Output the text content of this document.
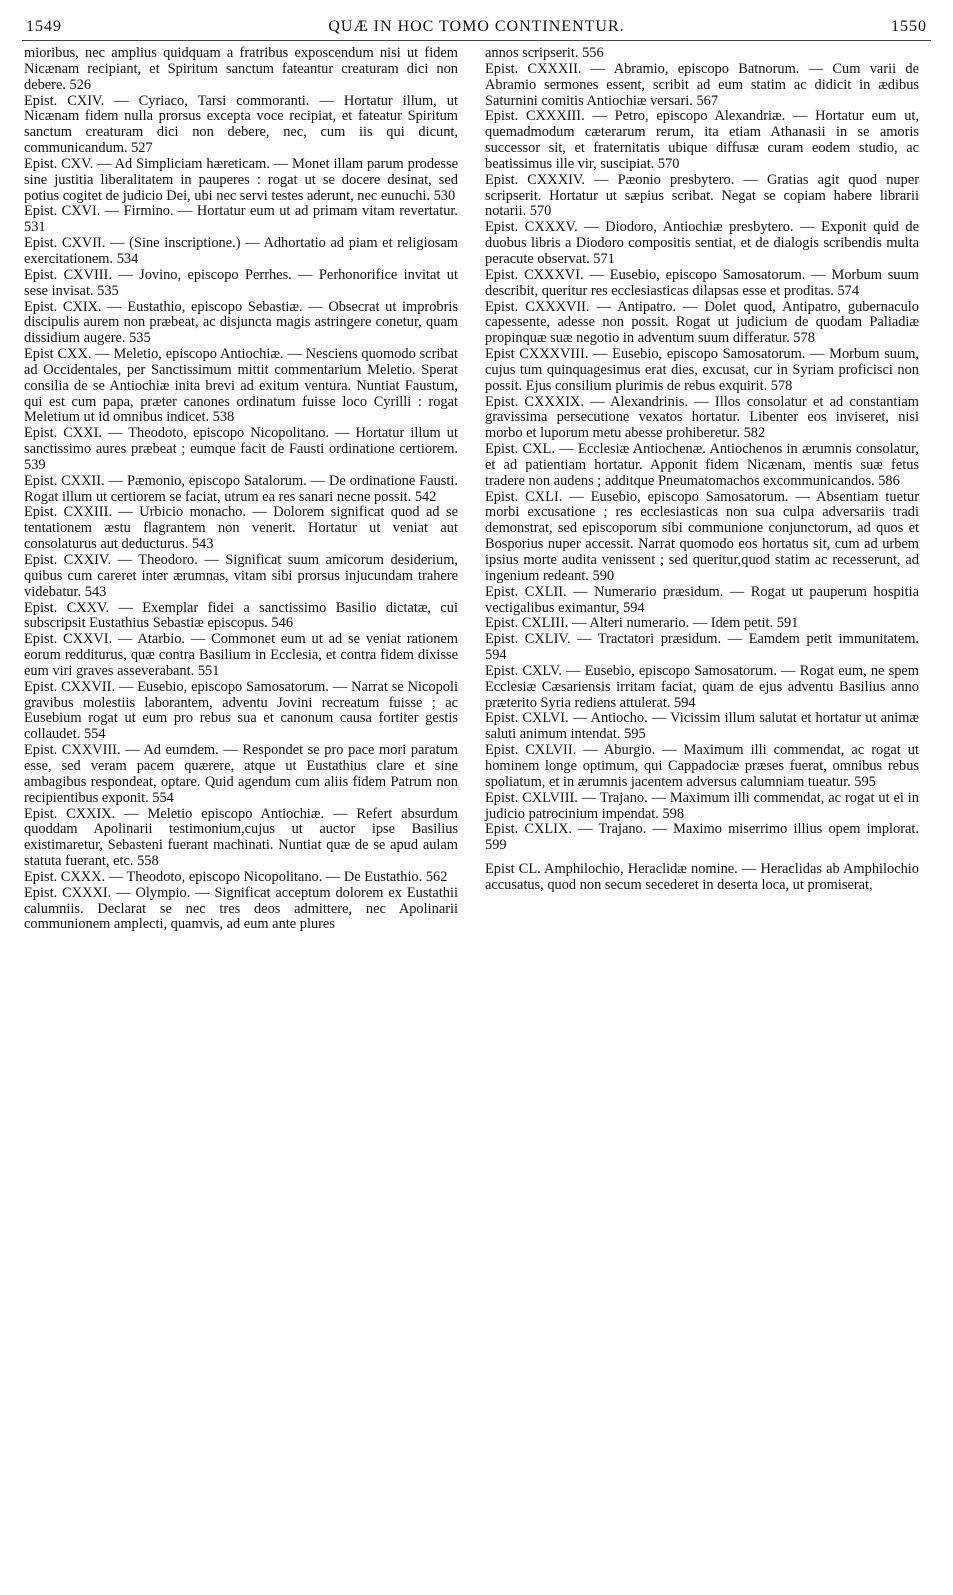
1549	QUÆ IN HOC TOMO CONTINENTUR.	1550

mioribus, nec amplius quidquam a fratribus exposcendum nisi ut fidem Nicænam recipiant, et Spiritum sanctum fateantur creaturam dici non debere. 526

Epist. CXIV. — Cyriaco, Tarsi commoranti. — Hortatur illum, ut Nicænam fidem nulla prorsus excepta voce recipiat, et fateatur Spiritum sanctum creaturam dici non debere, nec, cum iis qui dicunt, communicandum. 527

Epist. CXV. — Ad Simpliciam hæreticam. — Monet illam parum prodesse sine justitia liberalitatem in pauperes : rogat ut se docere desinat, sed potius cogitet de judicio Dei, ubi nec servi testes aderunt, nec eunuchi. 530

Epist. CXVI. — Firmino. — Hortatur eum ut ad primam vitam revertatur. 531

Epist. CXVII. — (Sine inscriptione.) — Adhortatio ad piam et religiosam exercitationem. 534

Epist. CXVIII. — Jovino, episcopo Perrhes. — Perhonorifice invitat ut sese invisat. 535

Epist. CXIX. — Eustathio, episcopo Sebastiæ. — Obsecrat ut improbris discipulis aurem non præbeat, ac disjuncta magis astringere conetur, quam dissidium augere. 535

Epist CXX. — Meletio, episcopo Antiochiæ. — Nesciens quomodo scribat ad Occidentales, per Sanctissimum mittit commentarium Meletio. Sperat consilia de se Antiochiæ inita brevi ad exitum ventura. Nuntiat Faustum, qui est cum papa, præter canones ordinatum fuisse loco Cyrilli : rogat Meletium ut id omnibus indicet. 538

Epist. CXXI. — Theodoto, episcopo Nicopolitano. — Hortatur illum ut sanctissimo aures præbeat ; eumque facit de Fausti ordinatione certiorem. 539

Epist. CXXII. — Pæmonio, episcopo Satalorum. — De ordinatione Fausti. Rogat illum ut certiorem se faciat, utrum ea res sanari necne possit. 542

Epist. CXXIII. — Urbicio monacho. — Dolorem significat quod ad se tentationem æstu flagrantem non venerit. Hortatur ut veniat aut consolaturus aut deducturus. 543

Epist. CXXIV. — Theodoro. — Significat suum amicorum desiderium, quibus cum careret inter ærumnas, vitam sibi prorsus injucundam trahere videbatur. 543

Epist. CXXV. — Exemplar fidei a sanctissimo Basilio dictatæ, cui subscripsit Eustathius Sebastiæ episcopus. 546

Epist. CXXVI. — Atarbio. — Commonet eum ut ad se veniat rationem eorum redditurus, quæ contra Basilium in Ecclesia, et contra fidem dixisse eum viri graves asseverabant. 551

Epist. CXXVII. — Eusebio, episcopo Samosatorum. — Narrat se Nicopoli gravibus molestiis laborantem, adventu Jovini recreatum fuisse ; ac Eusebium rogat ut eum pro rebus sua et canonum causa fortiter gestis collaudet. 554

Epist. CXXVIII. — Ad eumdem. — Respondet se pro pace mori paratum esse, sed veram pacem quærere, atque ut Eustathius clare et sine ambagibus respondeat, optare. Quid agendum cum aliis fidem Patrum non recipientibus exponit. 554

Epist. CXXIX. — Meletio episcopo Antiochiæ. — Refert absurdum quoddam Apolinarii testimonium,cujus ut auctor ipse Basilius existimaretur, Sebasteni fuerant machinati. Nuntiat quæ de se apud aulam statuta fuerant, etc. 558

Epist. CXXX. — Theodoto, episcopo Nicopolitano. — De Eustathio. 562

Epist. CXXXI. — Olympio. — Significat acceptum dolorem ex Eustathii calumniis. Declarat se nec tres deos admittere, nec Apolinarii communionem amplecti, quamvis, ad eum ante plures

annos scripserit. 556

Epist. CXXXII. — Abramio, episcopo Batnorum. — Cum varii de Abramio sermones essent, scribit ad eum statim ac didicit in ædibus Saturnini comitis Antiochiæ versari. 567

Epist. CXXXIII. — Petro, episcopo Alexandriæ. — Hortatur eum ut, quemadmodum cæterarum rerum, ita etiam Athanasii in se amoris successor sit, et fraternitatis ubique diffusæ curam eodem studio, ac beatissimus ille vir, suscipiat. 570

Epist. CXXXIV. — Pæonio presbytero. — Gratias agit quod nuper scripserit. Hortatur ut sæpius scribat. Negat se copiam habere librarii notarii. 570

Epist. CXXXV. — Diodoro, Antiochiæ presbytero. — Exponit quid de duobus libris a Diodoro compositis sentiat, et de dialogis scribendis multa peracute observat. 571

Epist. CXXXVI. — Eusebio, episcopo Samosatorum. — Morbum suum describit, queritur res ecclesiasticas dilapsas esse et proditas. 574

Epist. CXXXVII. — Antipatro. — Dolet quod, Antipatro, gubernaculo capessente, adesse non possit. Rogat ut judicium de quodam Paliadiæ propinquæ suæ negotio in adventum suum differatur. 578

Epist CXXXVIII. — Eusebio, episcopo Samosatorum. — Morbum suum, cujus tum quinquagesimus erat dies, excusat, cur in Syriam proficisci non possit. Ejus consilium plurimis de rebus exquirit. 578

Epist. CXXXIX. — Alexandrinis. — Illos consolatur et ad constantiam gravissima persecutione vexatos hortatur. Libenter eos inviseret, nisi morbo et luporum metu abesse prohiberetur. 582

Epist. CXL. — Ecclesiæ Antiochenæ. Antiochenos in ærumnis consolatur, et ad patientiam hortatur. Apponit fidem Nicænam, mentis suæ fetus tradere non audens ; additque Pneumatomachos excommunicandos. 586

Epist. CXLI. — Eusebio, episcopo Samosatorum. — Absentiam tuetur morbi excusatione ; res ecclesiasticas non sua culpa adversariis tradi demonstrat, sed episcoporum sibi communione conjunctorum, ad quos et Bosporius nuper accessit. Narrat quomodo eos hortatus sit, cum ad urbem ipsius morte audita venissent ; sed queritur,quod statim ac recesserunt, ad ingenium redeant. 590

Epist. CXLII. — Numerario præsidum. — Rogat ut pauperum hospitia vectigalibus eximantur, 594

Epist. CXLIII. — Alteri numerario. — Idem petit. 591

Epist. CXLIV. — Tractatori præsidum. — Eamdem petit immunitatem. 594

Epist. CXLV. — Eusebio, episcopo Samosatorum. — Rogat eum, ne spem Ecclesiæ Cæsariensis irritam faciat, quam de ejus adventu Basilius anno præterito Syria rediens attulerat. 594

Epist. CXLVI. — Antiocho. — Vicissim illum salutat et hortatur ut animæ saluti animum intendat. 595

Epist. CXLVII. — Aburgio. — Maximum illi commendat, ac rogat ut hominem longe optimum, qui Cappadociæ præses fuerat, omnibus rebus spoliatum, et in ærumnis jacentem adversus calumniam tueatur. 595

Epist. CXLVIII. — Trajano. — Maximum illi commendat, ac rogat ut ei in judicio patrocinium impendat. 598

Epist. CXLIX. — Trajano. — Maximo miserrimo illius opem implorat. 599

Epist CL. Amphilochio, Heraclidæ nomine. — Heraclidas ab Amphilochio accusatus, quod non secum secederet in deserta loca, ut promiserat,
